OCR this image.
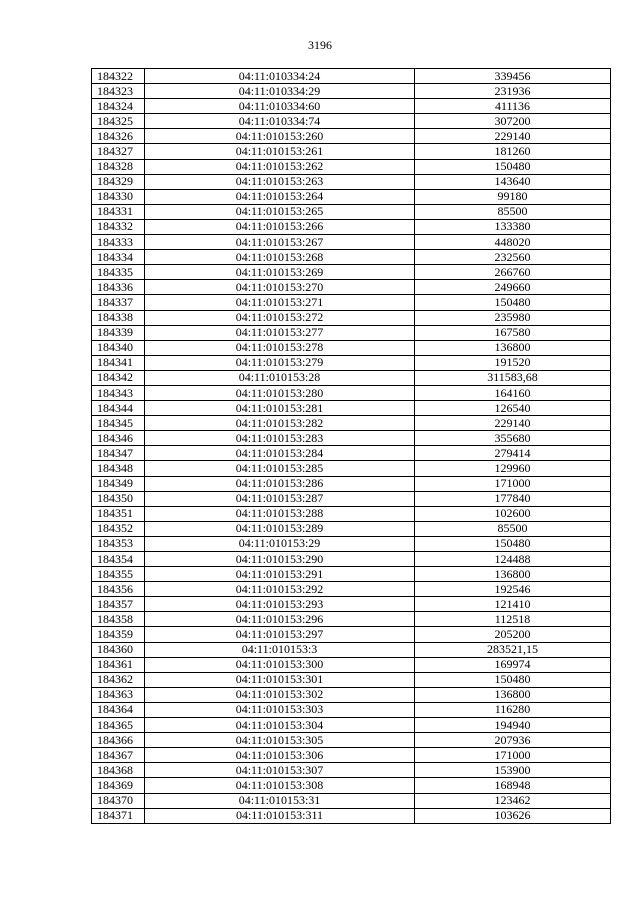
3196
184322	04:11:010334:24	339456
184323	04:11:010334:29	231936
184324	04:11:010334:60	411136
184325	04:11:010334:74	307200
184326	04:11:010153:260	229140
184327	04:11:010153:261	181260
184328	04:11:010153:262	150480
184329	04:11:010153:263	143640
184330	04:11:010153:264	99180
184331	04:11:010153:265	85500
184332	04:11:010153:266	133380
184333	04:11:010153:267	448020
184334	04:11:010153:268	232560
184335	04:11:010153:269	266760
184336	04:11:010153:270	249660
184337	04:11:010153:271	150480
184338	04:11:010153:272	235980
184339	04:11:010153:277	167580
184340	04:11:010153:278	136800
184341	04:11:010153:279	191520
184342	04:11:010153:28	311583,68
184343	04:11:010153:280	164160
184344	04:11:010153:281	126540
184345	04:11:010153:282	229140
184346	04:11:010153:283	355680
184347	04:11:010153:284	279414
184348	04:11:010153:285	129960
184349	04:11:010153:286	171000
184350	04:11:010153:287	177840
184351	04:11:010153:288	102600
184352	04:11:010153:289	85500
184353	04:11:010153:29	150480
184354	04:11:010153:290	124488
184355	04:11:010153:291	136800
184356	04:11:010153:292	192546
184357	04:11:010153:293	121410
184358	04:11:010153:296	112518
184359	04:11:010153:297	205200
184360	04:11:010153:3	283521,15
184361	04:11:010153:300	169974
184362	04:11:010153:301	150480
184363	04:11:010153:302	136800
184364	04:11:010153:303	116280
184365	04:11:010153:304	194940
184366	04:11:010153:305	207936
184367	04:11:010153:306	171000
184368	04:11:010153:307	153900
184369	04:11:010153:308	168948
184370	04:11:010153:31	123462
184371	04:11:010153:311	103626
